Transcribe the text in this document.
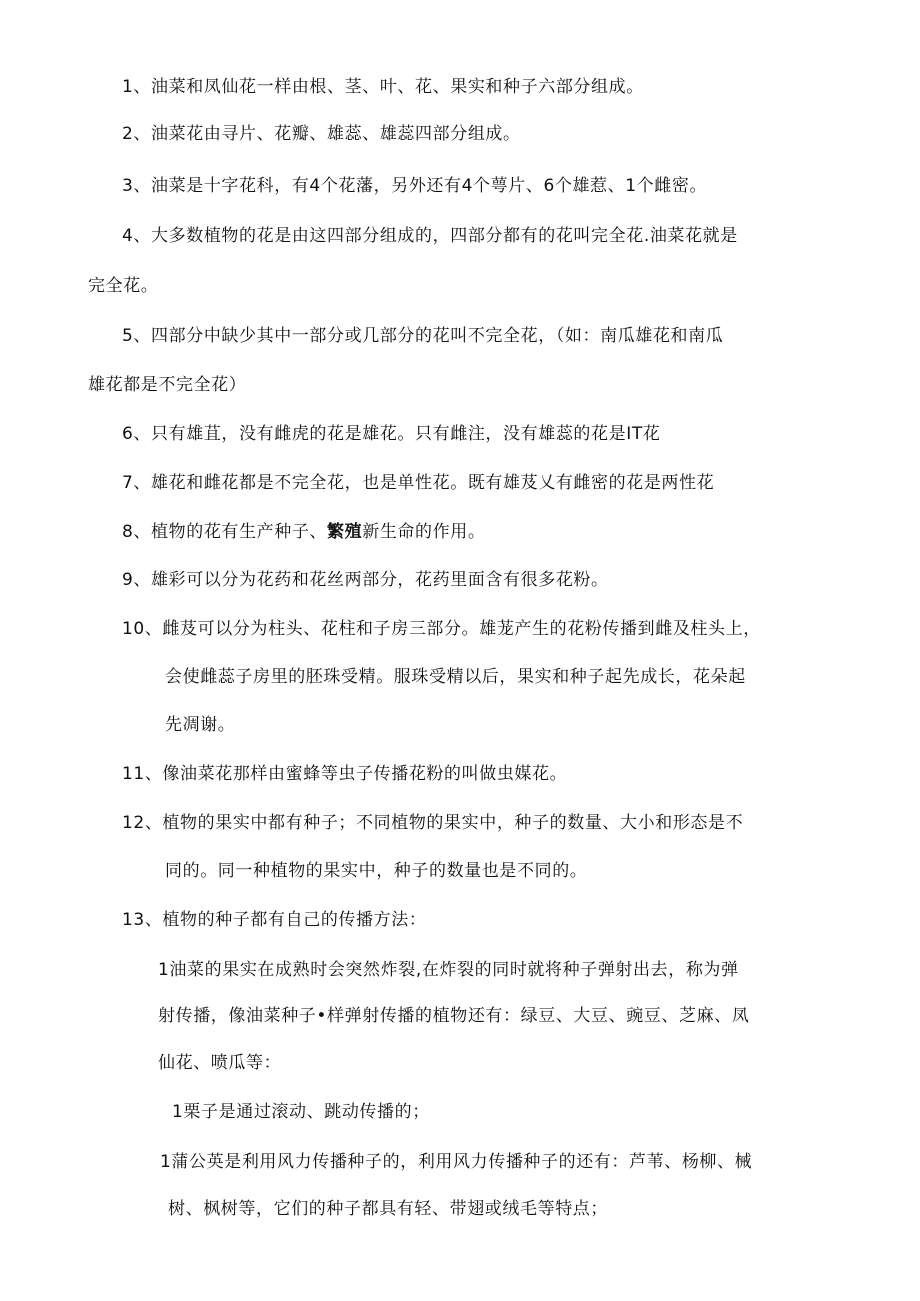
1、油菜和凤仙花一样由根、茎、叶、花、果实和种子六部分组成。
2、油菜花由寻片、花瓣、雄蕊、雄蕊四部分组成。
3、油菜是十字花科，有4个花藩，另外还有4个萼片、6个雄惹、1个雌密。
4、大多数植物的花是由这四部分组成的，四部分都有的花叫完全花.油菜花就是
完全花。
5、四部分中缺少其中一部分或几部分的花叫不完全花，（如：南瓜雄花和南瓜
雄花都是不完全花）
6、只有雄苴，没有雌虎的花是雄花。只有雌注，没有雄蕊的花是IT花
7、雄花和雌花都是不完全花，也是单性花。既有雄芨乂有雌密的花是两性花
8、植物的花有生产种子、繁殖新生命的作用。
9、雄彩可以分为花药和花丝两部分，花药里面含有很多花粉。
10、雌芨可以分为柱头、花柱和子房三部分。雄茏产生的花粉传播到雌及柱头上，
会使雌蕊子房里的胚珠受精。服珠受精以后，果实和种子起先成长，花朵起
先凋谢。
11、像油菜花那样由蜜蜂等虫子传播花粉的叫做虫媒花。
12、植物的果实中都有种子；不同植物的果实中，种子的数量、大小和形态是不
同的。同一种植物的果实中，种子的数量也是不同的。
13、植物的种子都有自己的传播方法：
1油菜的果实在成熟时会突然炸裂,在炸裂的同时就将种子弹射出去，称为弹
射传播，像油菜种子•样弹射传播的植物还有：绿豆、大豆、豌豆、芝麻、凤
仙花、喷瓜等：
1栗子是通过滚动、跳动传播的；
1蒲公英是利用风力传播种子的，利用风力传播种子的还有：芦苇、杨柳、械
树、枫树等，它们的种子都具有轻、带翅或绒毛等特点；
